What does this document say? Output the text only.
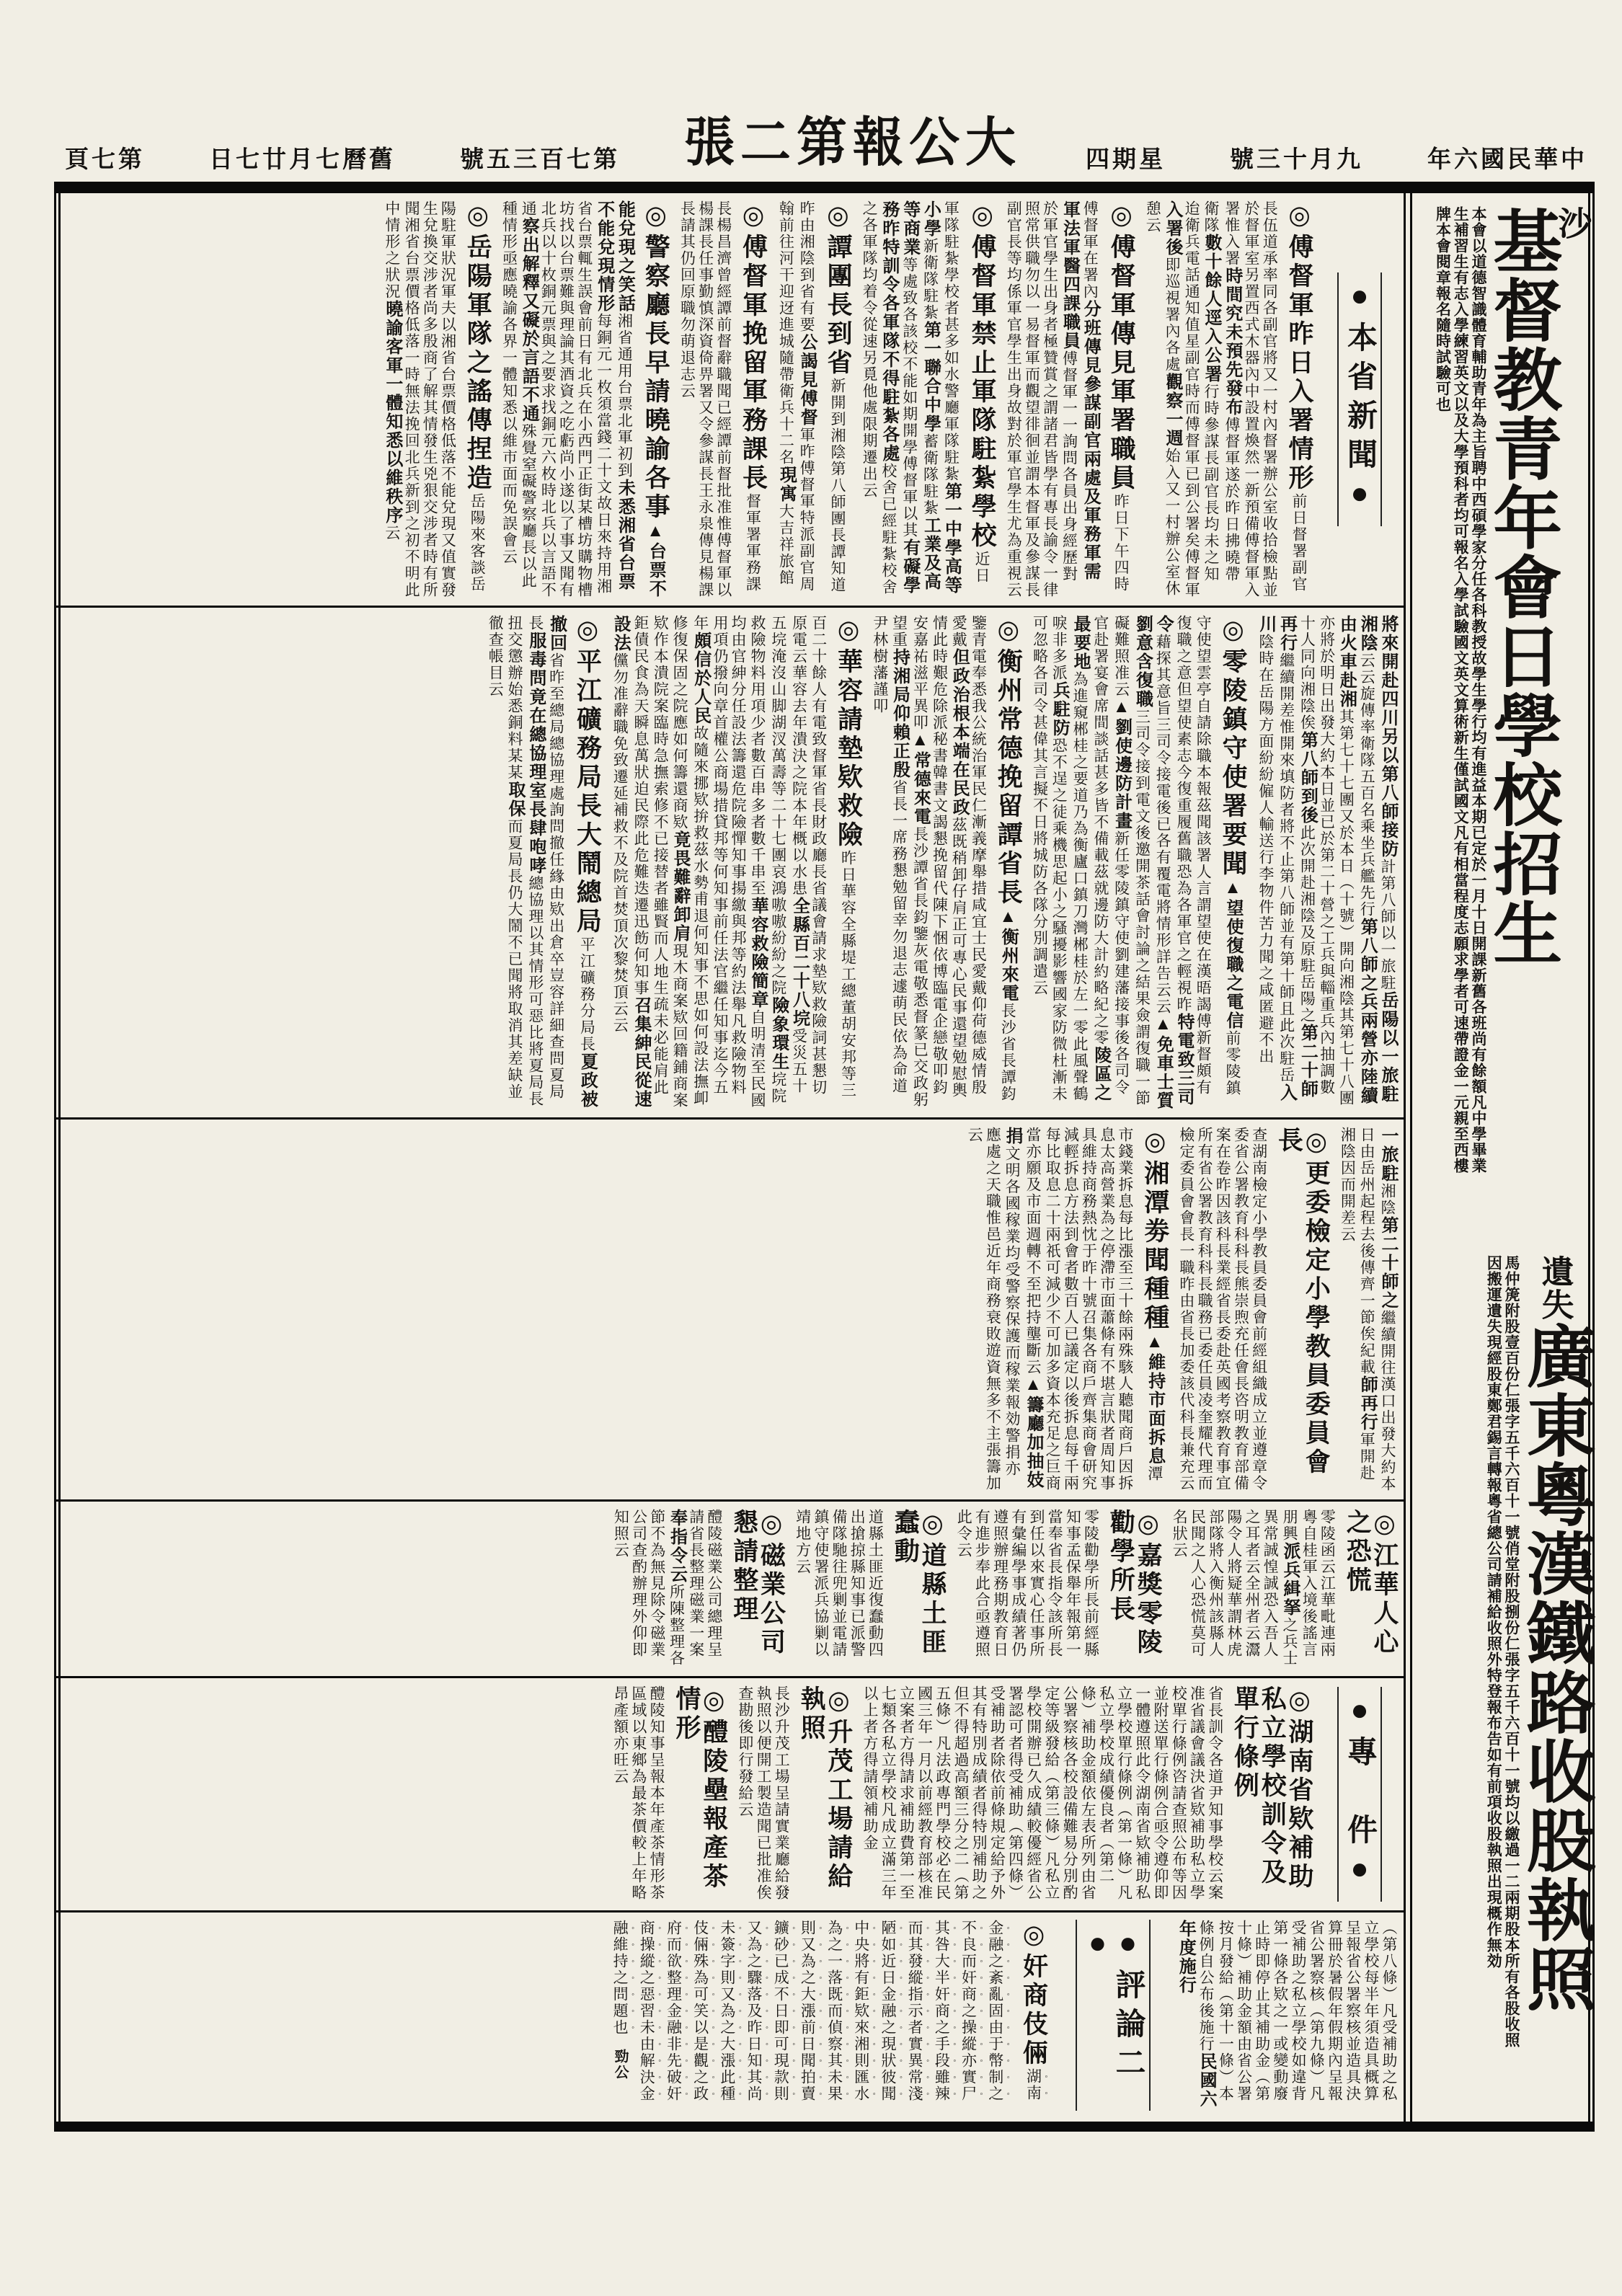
年六國民華中
號三十月九
四期星
張二第報公大
號五三百七第
日七廿月七曆舊
頁七第
沙
基督教青年會日學校招生
本會以道德智識體育輔助青年為主旨聘中西碩學家分任各科教授故學生學行均有進益本期已定於一月十日開課新舊各班尚有餘額凡中學畢業生補習生有志入學練習英文以及大學預科者均可報名入學試驗國文英文算術新生僅試國文凡有相當程度志願求學者可速帶證金一元親至西樓牌本會閱章報名隨時試驗可也
遺失廣東粵漢鐵路收股執照
馬仲箎附股壹百份仁張字五千六百十一號俏堂附股捌份仁張字五千六百十一號均以繳過一二兩期股本所有各股收照因搬運遺失現經股東鄭君錫言轉報粵省總公司請補給收照外特登報布告如有前項收股執照出現概作無効
●本省新聞●
◎傅督軍昨日入署情形前日督署副官長伍道承率同各副官將又一村內督署辦公室收拾檢點並於督軍室另置西式木器內中設置煥然一新預備傅督軍入署惟入署時間究未預先發布傅督軍遂於昨日拂曉帶衛隊數十餘人逕入公署行時參謀長副官長均未之知迨衛兵電話通知值星副官時而傅督軍已到公署矣傅督軍入署後即巡視署內各處觀察一週始入又一村辦公室休憩云
◎傅督軍傳見軍署職員昨日下午四時傅督軍在署內分班傳見參謀副官兩處及軍務軍需軍法軍醫四課職員傅督軍一一詢問各員出身經歷對於軍官學生出身者極贊賞之謂諸君皆學有專長諭令一律照常供職勿以一易督軍而觀望徘徊並謂本督軍及參謀長副官長等均係軍官學生出身故對於軍官學生尤為重視云
◎傅督軍禁止軍隊駐紮學校近日軍隊駐紮學校者甚多如水警廳軍隊駐紮第一中學高等小學新衛隊駐紮第一聯合中學蓄衛隊駐紮工業及高等商業等處致各該校不能如期開學傅督軍以其有礙學務昨特訓令各軍隊不得駐紮各處校舍已經駐紮校舍之各軍隊均着令從速另覓他處限期遷出云
◎譚團長到省新開到湘陰第八師團長譚知道昨由湘陰到省有要公謁見傅督軍昨傅督軍特派副官周翰前往河干迎迓進城隨帶衛兵十二名現寓大吉祥旅館
◎傅督軍挽留軍務課長督軍署軍務課長楊昌濟曾經譚前督辭職聞已經譚前督批准惟傅督軍以楊課長任事勤慎深資倚畀署又令參謀長王永泉傳見楊課長請其仍回原職勿萌退志云
◎警察廳長早請曉諭各事▲台票不能兌現之笑話湘省通用台票北軍初到未悉湘省台票不能兌現情形每銅元一枚須當錢二十文故日來持用湘省台票輒生誤會前日有北兵在小西門正街某槽坊購物槽坊找以台票難與理論其酒資之吃虧尚小遂以了事又聞有北兵以十枚銅元票與之要求找銅元六枚時北兵以言語不通察出解釋又礙於言語不通殊覺窒礙警察廳長以此種情形亟應曉諭各界一體知悉以維市面而免誤會云
◎岳陽軍隊之謠傳捏造岳陽來客談岳陽駐軍狀況軍夫以湘省台票價格低落不能兌現又值實發生兌換交涉者尚多殷商了解其情發生兇狠交涉者時有所聞湘省台票價格低落一時無法挽回北兵新到之初不明此中情形之狀況曉諭客軍一體知悉以維秩序云
將來開赴四川另以第八師接防計第八師以一旅駐岳陽以一旅駐湘陰云云旋傳率衛隊五百名乘坐兵艦先行第八師之兵兩營亦陸續由火車赴湘其第七十七團又於本日（十號）開向湘陰其第七十八團亦將於明日出發大約本日並已於第二十營之工兵與輜重兵內抽調數十人同向湘陰俟第八師到後此次開赴湘陰及原駐岳陽之第二十師再行繼續開差惟開來填防者將不止第八師並有第十師且此次駐岳入川陰時在岳陽方面紛紛僱人輸送行李物件苦力聞之咸匿避不出
◎零陵鎮守使署要聞▲望使復職之電信前零陵鎮守使望雲亭自請除職本報茲聞該署人言謂望使在漢晤謁傅新督頗有復職之意但望使素志今復重履舊職恐為各軍官之輕視昨特電致三司令藉探其意旨三司令接電後已各有覆電將情形詳告云云▲免車士質劉意含復職三司令接到電文後邀開茶話會討論之結果僉謂復職一節礙難照准云▲劉使邊防計畫新任零陵鎮守使劉建藩接事後各司令官赴署宴會席間談話甚多皆不備載茲就邊防大計約略紀之零陵區之最要地為進窺郴桂之要道乃為衡廬口鎮刀灣郴桂於左一零此風聲鶴唳非多派兵駐防恐不逞之徒乘機思起小之騷擾影響國家防微杜漸未可忽略各司令甚偉其言擬不日將城防各隊分別調遣云
◎衡州常德挽留譚省長▲衡州來電長沙省長譚鈞鑒青電奉悉我公統治軍民仁漸義摩舉措咸宜士民愛戴仰荷德威情殷愛戴但政治根本端在民政茲既稍卸仔肩正可專心民事還望勉慰輿情此時艱危除派秘書韓書文謁懇挽留代陳下悃依博臨電企戀敬叩鈞安嘉祐滋平異叩▲常德來電長沙譚省長鈞鑒灰電敬悉督篆已交政躬望重持湘局仰賴正殷省長一席務懇勉留幸勿退志遽萌民依為命道尹林樹藩謹叩
◎華容請墊欵救險昨日華容全縣堤工總董胡安邦等三百二十餘人有電致督軍省長財政廳長省議會請求墊欵救險詞甚懇切原電云華容去年潰決之院本年概以水患全縣百二十八垸受災五十五垸淹沒山脚湖汊萬壽等二十七團哀鴻嗷嗷紛紛之院險象環生垸院救險物料用項少者數百串多者數千串至華容救險簡章自明清至民國均由官紳分任設法籌還危院險憚知事揚繳與邦等約法舉凡救險物料用項仍撥向章首權公商場措貸邦等何知事前任法官繼任知事迄今五年頗信於人民故隨來挪欵拚救茲水勢甫退何知事不思如何設法撫卹修復保固之院應如何籌還商欵竟畏難辭卸肩現木商案欵回籍鋪商案欵作本潰院案臨時急撫索修不已接替者雖賢而人地生疏未必能肩此鉅債民食為天瞬息萬狀迫民際此危難迭遷迅飭何知事召集紳民從速設法儻勿准辭職免致遷延補救不及院首焚頂次黎焚頂云云
◎平江礦務局長大鬧總局平江礦務分局長夏政被撤回省昨至總局總協理處詢問撤任緣由欵出倉卒豈容詳細查問夏局長服毒問竟在總協理室長肆咆哮總協理以其情形可惡比將夏局長扭交懲辦始悉銅料某某取保而夏局長仍大鬧不已聞將取消其差缺並徹查帳目云
一旅駐湘陰第二十師之繼續開往漢口出發大約本日由岳州起程去後傳齊一節俟紀載師再行軍開赴湘陰因而開差云
◎更委檢定小學教員委員會長查湖南檢定小學教員委員會前經組織成立並遵章令委省公署教育科科長熊崇煦充任會長咨明教育部備案在卷昨因該科長業經省長委赴英國考察教育事宜所有省公署教育科科長職務已委任員凌奎耀代理而檢定委員會會長一職昨由省長加委該代科長兼充云
◎湘潭劵聞種種▲維持市面拆息潭市錢業拆息每比漲至三十餘兩殊駭人聽聞商戶因拆息太高營業為之停滯市面蕭條有不堪言狀者周知事具維持商務熱忱于昨十號召集各商戶齊集商會研究減輕拆息方法到會者數百人已議定以後拆息每千兩每比取息二十兩祇可減少不可加多資本充足之巨商當亦願及市面週轉不至把持壟斷云▲籌廳加抽妓捐文明各國稼業均受警察保護而稼業報効警捐亦應處之天職惟邑近年商務衰敗遊資無多不主張籌加云
◎江華人心之恐慌零陵函云江華毗連兩粵自桂軍入境後謠言朋興派兵緝拏之兵士異常誠惶誠恐入吾人之耳者云全州者云灊陽令人將疑華謂林虎部隊將入衡州該縣人民聞之人心恐慌莫可名狀云
◎嘉獎零陵勸學所長零陵勸學所長前經縣知事孟保舉年報第一當奉省長指令該所長到任以來實心任事所有彙編學事成績著仍遵照辦理務期教育日有進步奉此合亟遵照此令云
◎道縣土匪蠢動道縣土匪近復蠢動四出搶掠縣知事已派警備隊馳往兜剿並電請鎮守使署派兵協剿以靖地方云
◎磁業公司懇請整理醴陵磁業公司總理呈請省長整理磁業一案奉指令云所陳整理各節不為無見除令磁業公司查酌辦理外仰即知照云
●專　件●
◎湖南省欵補助私立學校訓令及單行條例省長訓令各道尹知事學校云案准省議會議決省欵補助私立學校單行條例咨請查照公布等因並附送單行條例合亟令遵仰即一體遵照此令湖南省欵補助私立學校單行條例（第一條）凡私立學校成績優良者（第二條）補助金額依左表所列由省公署察核各校設備難易分別酌定等級發給（第三條）凡私立學校開辦已久成績較優經省公署認可者得受補助（第四條）受補助者除依前條規定給予外其有特別成績者得特別補助之但不得超過高額三分之二（第五條）凡法政專門學校必在民國三年一月以前經教育部核准立案者方得請求補助費第一至七類各私立學校凡成立滿三年以上者方得請領補助金
◎升茂工場請給執照長沙升茂工場呈請實業廳給發執照以便開工製造聞已批准俟查勘後即行發給云
◎醴陵壘報產茶情形醴陵知事呈報本年產茶情形茶區域以東鄉為最茶價較上年略昂產額亦旺云
（第八條）凡受補助之私立學校每半年須造具概算呈報省公署察核並造具決算冊於暑假年假期內呈報省公署察核（第九條）凡受補助之私立學校如違背第一條各欵之一或變動廢止時即停止其補助金（第十條）補助金額由省公署按月發給（第十一條）本條例自公布後施行民國六年度施行
●評論二●
◎奸商伎倆湖南金融之紊亂固由于幣制之不良而奸商之操縱亦實尸其咎大半奸商之手段雖辣而其發縱指示者實異常淺陋如近日金融之現狀彼聞中央將有鉅欵來湘則匯水為之一落既而偵察其未果則又為之大漲前日聞拍賣鑛砂已成不日即可現款則又為之驟落及昨日知其尚未簽字則又為之大漲此種伎倆殊為可笑以是觀之政府而欲整理金融非先破奸商操縱之惡習未由解決金融維持之問題也勁公
